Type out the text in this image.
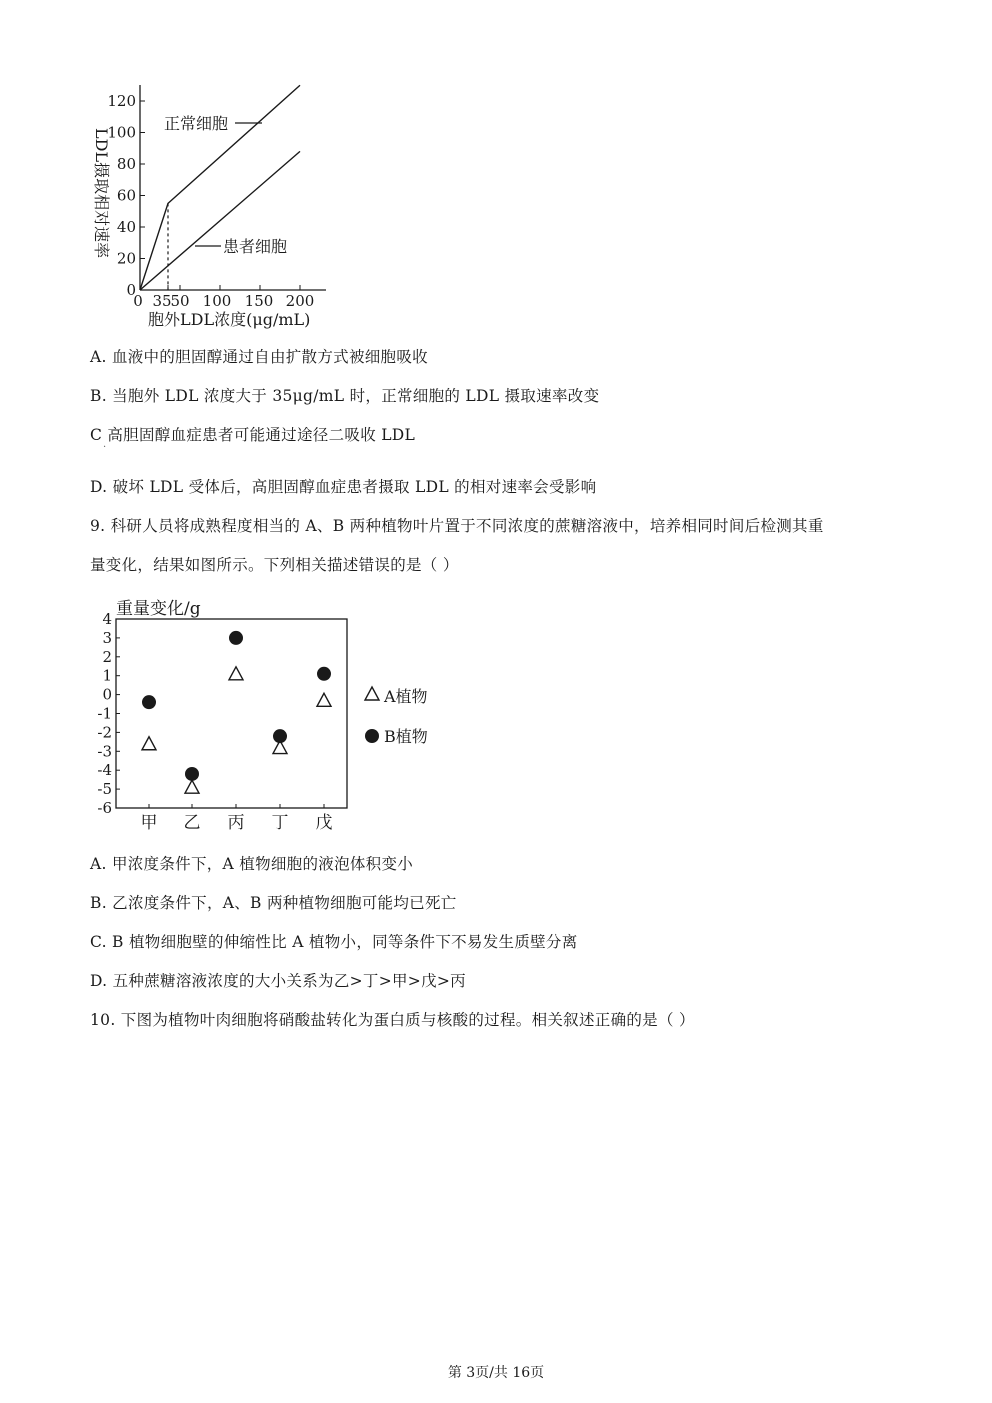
0
20
40
60
80
100
120
0 35
50 100 150 200
LDL摄取相对速率
胞外LDL浓度(μg/mL)
正常细胞
患者细胞
A. 血液中的胆固醇通过自由扩散方式被细胞吸收
B. 当胞外 LDL 浓度大于 35μg/mL 时，正常细胞的 LDL 摄取速率改变
C 高胆固醇血症患者可能通过途径二吸收 LDL
·
D. 破坏 LDL 受体后，高胆固醇血症患者摄取 LDL 的相对速率会受影响
9. 科研人员将成熟程度相当的 A、B 两种植物叶片置于不同浓度的蔗糖溶液中，培养相同时间后检测其重
量变化，结果如图所示。下列相关描述错误的是（ ）
重量变化/g
4
3
2
1
0
-1
-2
-3
-4
-5
-6
甲 乙 丙 丁 戊
A植物
B植物
A. 甲浓度条件下，A 植物细胞的液泡体积变小
B. 乙浓度条件下，A、B 两种植物细胞可能均已死亡
C. B 植物细胞壁的伸缩性比 A 植物小，同等条件下不易发生质壁分离
D. 五种蔗糖溶液浓度的大小关系为乙>丁>甲>戊>丙
10. 下图为植物叶肉细胞将硝酸盐转化为蛋白质与核酸的过程。相关叙述正确的是（ ）
第 3页/共 16页
